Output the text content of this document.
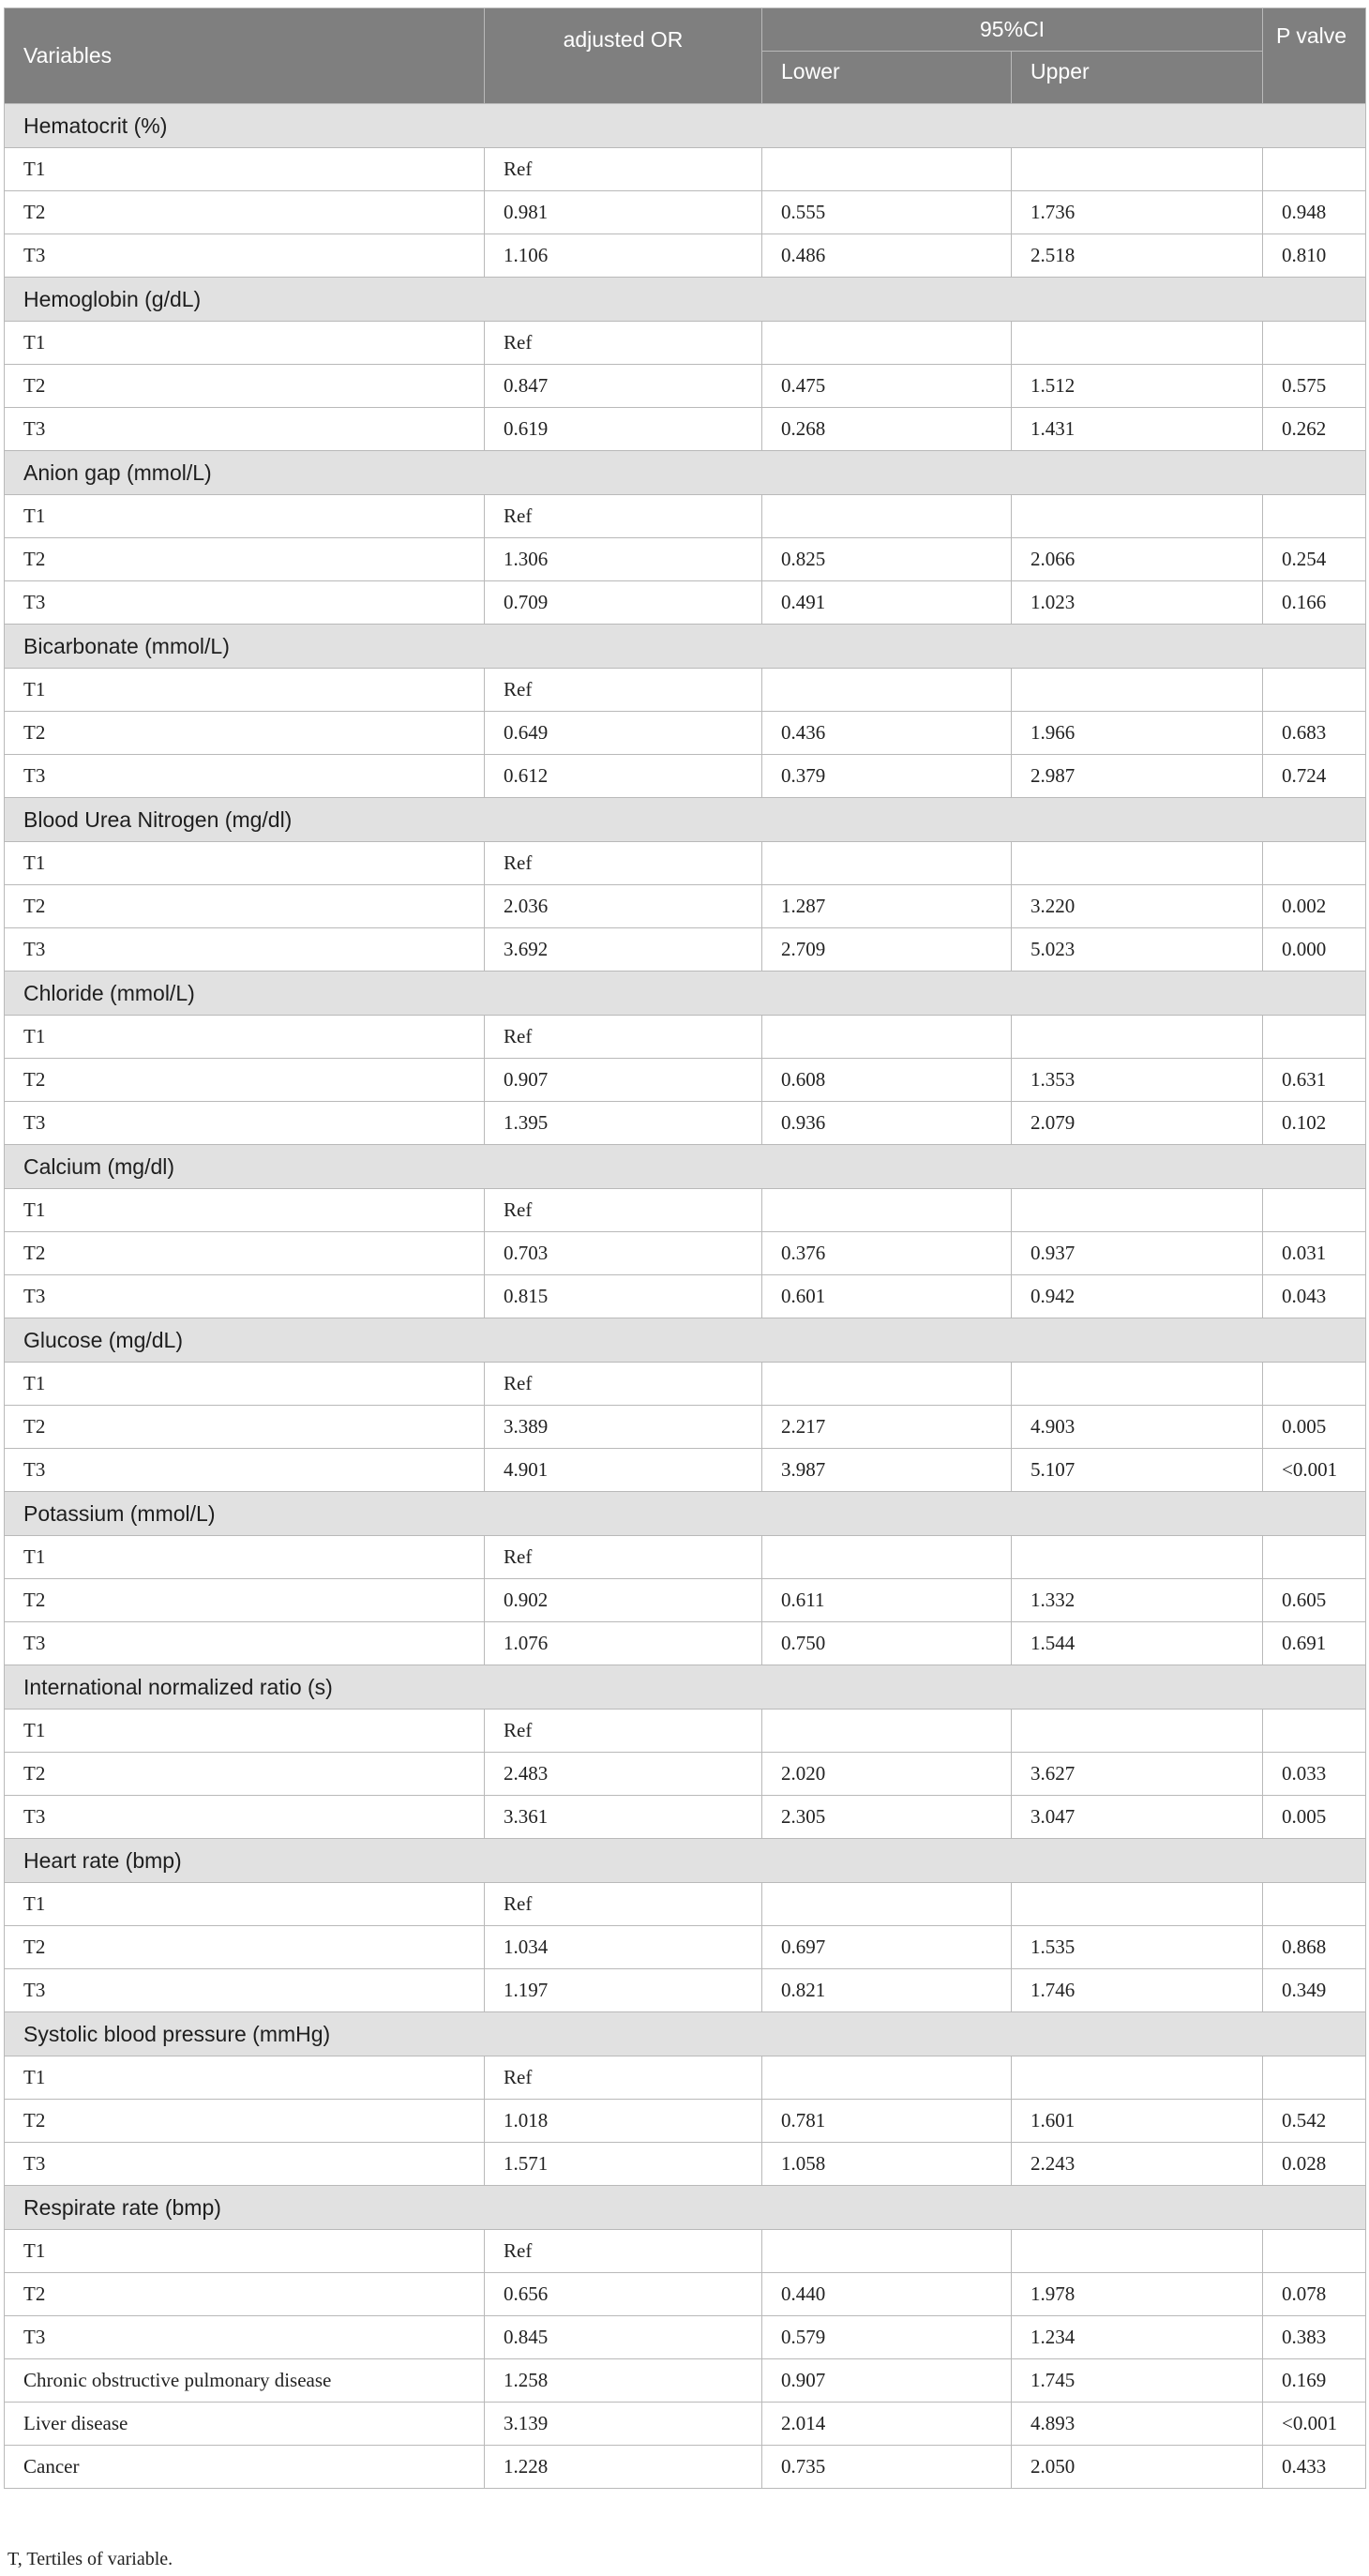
Variables	adjusted OR	95%CI		P valve
		Lower	Upper	
Hematocrit (%)				
T1	Ref			
T2	0.981	0.555	1.736	0.948
T3	1.106	0.486	2.518	0.810
Hemoglobin (g/dL)				
T1	Ref			
T2	0.847	0.475	1.512	0.575
T3	0.619	0.268	1.431	0.262
Anion gap (mmol/L)				
T1	Ref			
T2	1.306	0.825	2.066	0.254
T3	0.709	0.491	1.023	0.166
Bicarbonate (mmol/L)				
T1	Ref			
T2	0.649	0.436	1.966	0.683
T3	0.612	0.379	2.987	0.724
Blood Urea Nitrogen (mg/dl)				
T1	Ref			
T2	2.036	1.287	3.220	0.002
T3	3.692	2.709	5.023	0.000
Chloride (mmol/L)				
T1	Ref			
T2	0.907	0.608	1.353	0.631
T3	1.395	0.936	2.079	0.102
Calcium (mg/dl)				
T1	Ref			
T2	0.703	0.376	0.937	0.031
T3	0.815	0.601	0.942	0.043
Glucose (mg/dL)				
T1	Ref			
T2	3.389	2.217	4.903	0.005
T3	4.901	3.987	5.107	<0.001
Potassium (mmol/L)				
T1	Ref			
T2	0.902	0.611	1.332	0.605
T3	1.076	0.750	1.544	0.691
International normalized ratio (s)				
T1	Ref			
T2	2.483	2.020	3.627	0.033
T3	3.361	2.305	3.047	0.005
Heart rate (bmp)				
T1	Ref			
T2	1.034	0.697	1.535	0.868
T3	1.197	0.821	1.746	0.349
Systolic blood pressure (mmHg)				
T1	Ref			
T2	1.018	0.781	1.601	0.542
T3	1.571	1.058	2.243	0.028
Respirate rate (bmp)				
T1	Ref			
T2	0.656	0.440	1.978	0.078
T3	0.845	0.579	1.234	0.383
Chronic obstructive pulmonary disease	1.258	0.907	1.745	0.169
Liver disease	3.139	2.014	4.893	<0.001
Cancer	1.228	0.735	2.050	0.433
T, Tertiles of variable.
